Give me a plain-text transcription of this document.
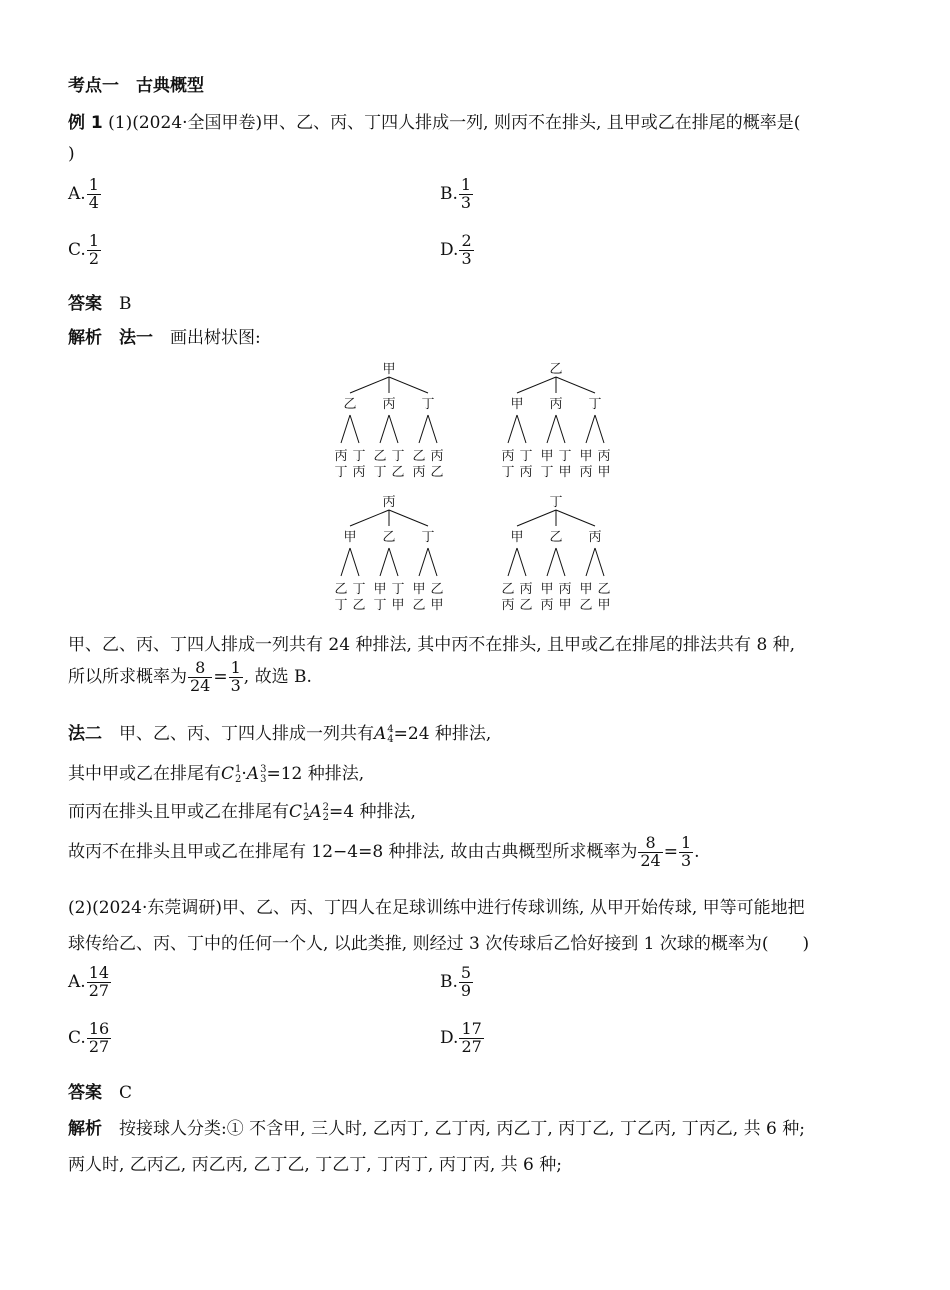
考点一　古典概型
例 1 (1)(2024·全国甲卷)甲、乙、丙、丁四人排成一列, 则丙不在排头, 且甲或乙在排尾的概率是(
)
A. $\frac{1}{4}$	B. $\frac{1}{3}$
C. $\frac{1}{2}$	D. $\frac{2}{3}$
答案  B
解析  法一  画出树状图:
甲
乙
丙
丁
丁
丙
丙
乙
丁
丁
乙
丁
乙
丙
丙
乙
乙
甲
丙
丁
丁
丙
丙
甲
丁
丁
甲
丁
甲
丙
丙
甲
丙
甲
乙
丁
丁
乙
乙
甲
丁
丁
甲
丁
甲
乙
乙
甲
丁
甲
乙
丙
丙
乙
乙
甲
丙
丙
甲
丙
甲
乙
乙
甲
甲、乙、丙、丁四人排成一列共有 24 种排法, 其中丙不在排头, 且甲或乙在排尾的排法共有 8 种,
所以所求概率为 $\frac{8}{24} = \frac{1}{3}$ , 故选 B.
法二  甲、乙、丙、丁四人排成一列共有A 4
4 =24 种排法,
其中甲或乙在排尾有C 1
2 ·A 3
3 =12 种排法,
而丙在排头且甲或乙在排尾有C 1
2 A 2
2 =4 种排法,
故丙不在排头且甲或乙在排尾有 12−4=8 种排法, 故由古典概型所求概率为 $\frac{8}{24} = \frac{1}{3}$ .
(2)(2024·东莞调研)甲、乙、丙、丁四人在足球训练中进行传球训练, 从甲开始传球, 甲等可能地把
球传给乙、丙、丁中的任何一个人, 以此类推, 则经过 3 次传球后乙恰好接到 1 次球的概率为(　　)
A. $\frac{14}{27}$	B. $\frac{5}{9}$
C. $\frac{16}{27}$	D. $\frac{17}{27}$
答案  C
解析  按接球人分类:① 不含甲, 三人时, 乙丙丁, 乙丁丙, 丙乙丁, 丙丁乙, 丁乙丙, 丁丙乙, 共 6 种;
两人时, 乙丙乙, 丙乙丙, 乙丁乙, 丁乙丁, 丁丙丁, 丙丁丙, 共 6 种;
